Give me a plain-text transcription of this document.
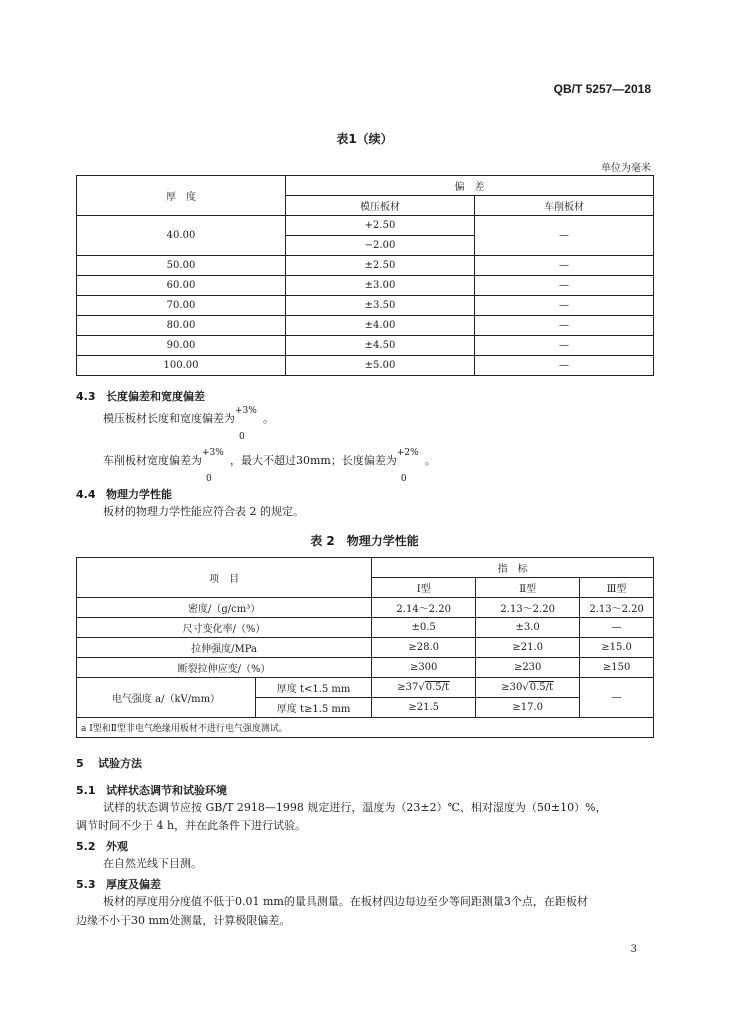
QB/T 5257—2018
表1（续）
单位为毫米
厚　度	偏　差	
	模压板材	车削板材
40.00	+2.50	—
	−2.00	
50.00	±2.50	—
60.00	±3.00	—
70.00	±3.50	—
80.00	±4.00	—
90.00	±4.50	—
100.00	±5.00	—
4.3 长度偏差和宽度偏差
模压板材长度和宽度偏差为
+3%
0
。
车削板材宽度偏差为
+3%
0
，最大不超过30mm；长度偏差为
+2%
0
。
4.4 物理力学性能
板材的物理力学性能应符合表 2 的规定。
表 2　物理力学性能
项　目		指　标		
		Ⅰ型	Ⅱ型	Ⅲ型
密度/（g/cm³）		2.14～2.20	2.13～2.20	2.13～2.20
尺寸变化率/（%）		±0.5	±3.0	—
拉伸强度/MPa		≥28.0	≥21.0	≥15.0
断裂拉伸应变/（%）		≥300	≥230	≥150
电气强度 a/（kV/mm）	厚度 t<1.5 mm	≥37√0.5/t	≥30√0.5/t	—
	厚度 t≥1.5 mm	≥21.5	≥17.0	
a Ⅰ型和Ⅱ型非电气绝缘用板材不进行电气强度测试。				
5 试验方法
5.1 试样状态调节和试验环境
试样的状态调节应按 GB/T 2918—1998 规定进行，温度为（23±2）℃、相对湿度为（50±10）%，
调节时间不少于 4 h，并在此条件下进行试验。
5.2 外观
在自然光线下目测。
5.3 厚度及偏差
板材的厚度用分度值不低于0.01 mm的量具测量。在板材四边每边至少等间距测量3个点，在距板材
边缘不小于30 mm处测量，计算极限偏差。
3
